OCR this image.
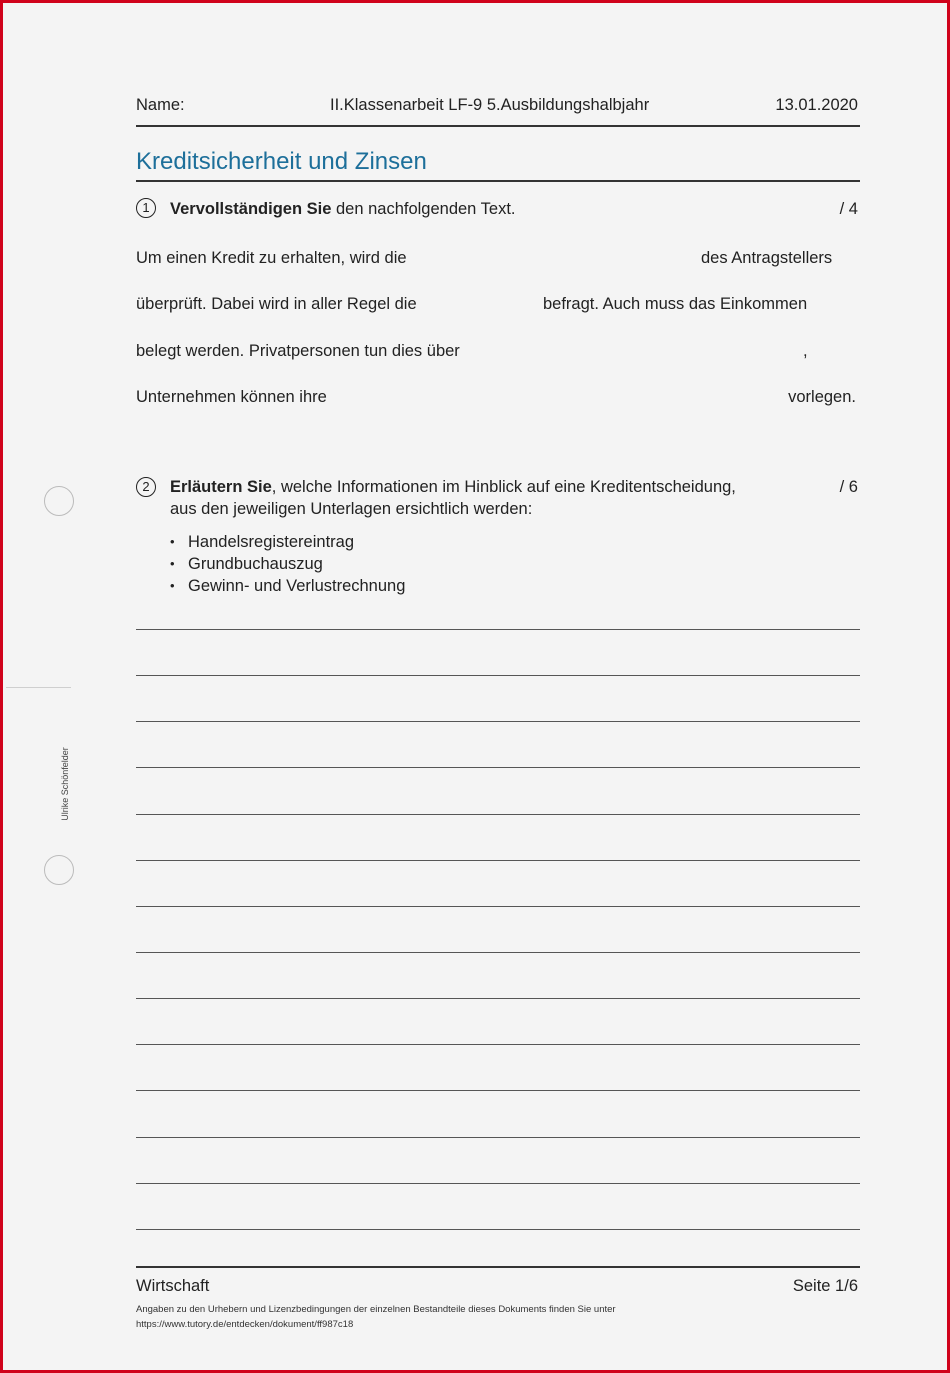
Name:	II.Klassenarbeit LF-9 5.Ausbildungshalbjahr	13.01.2020
Kreditsicherheit und Zinsen
1	Vervollständigen Sie den nachfolgenden Text.	/ 4
Um einen Kredit zu erhalten, wird die	des Antragstellers
überprüft. Dabei wird in aller Regel die	befragt. Auch muss das Einkommen
belegt werden. Privatpersonen tun dies über	,
Unternehmen können ihre	vorlegen.
2	Erläutern Sie, welche Informationen im Hinblick auf eine Kreditentscheidung,
aus den jeweiligen Unterlagen ersichtlich werden:
/ 6
• Handelsregistereintrag
• Grundbuchauszug
• Gewinn- und Verlustrechnung
Ulrike Schönfelder
Wirtschaft	Seite 1/6
Angaben zu den Urhebern und Lizenzbedingungen der einzelnen Bestandteile dieses Dokuments finden Sie unter
https://www.tutory.de/entdecken/dokument/ff987c18
